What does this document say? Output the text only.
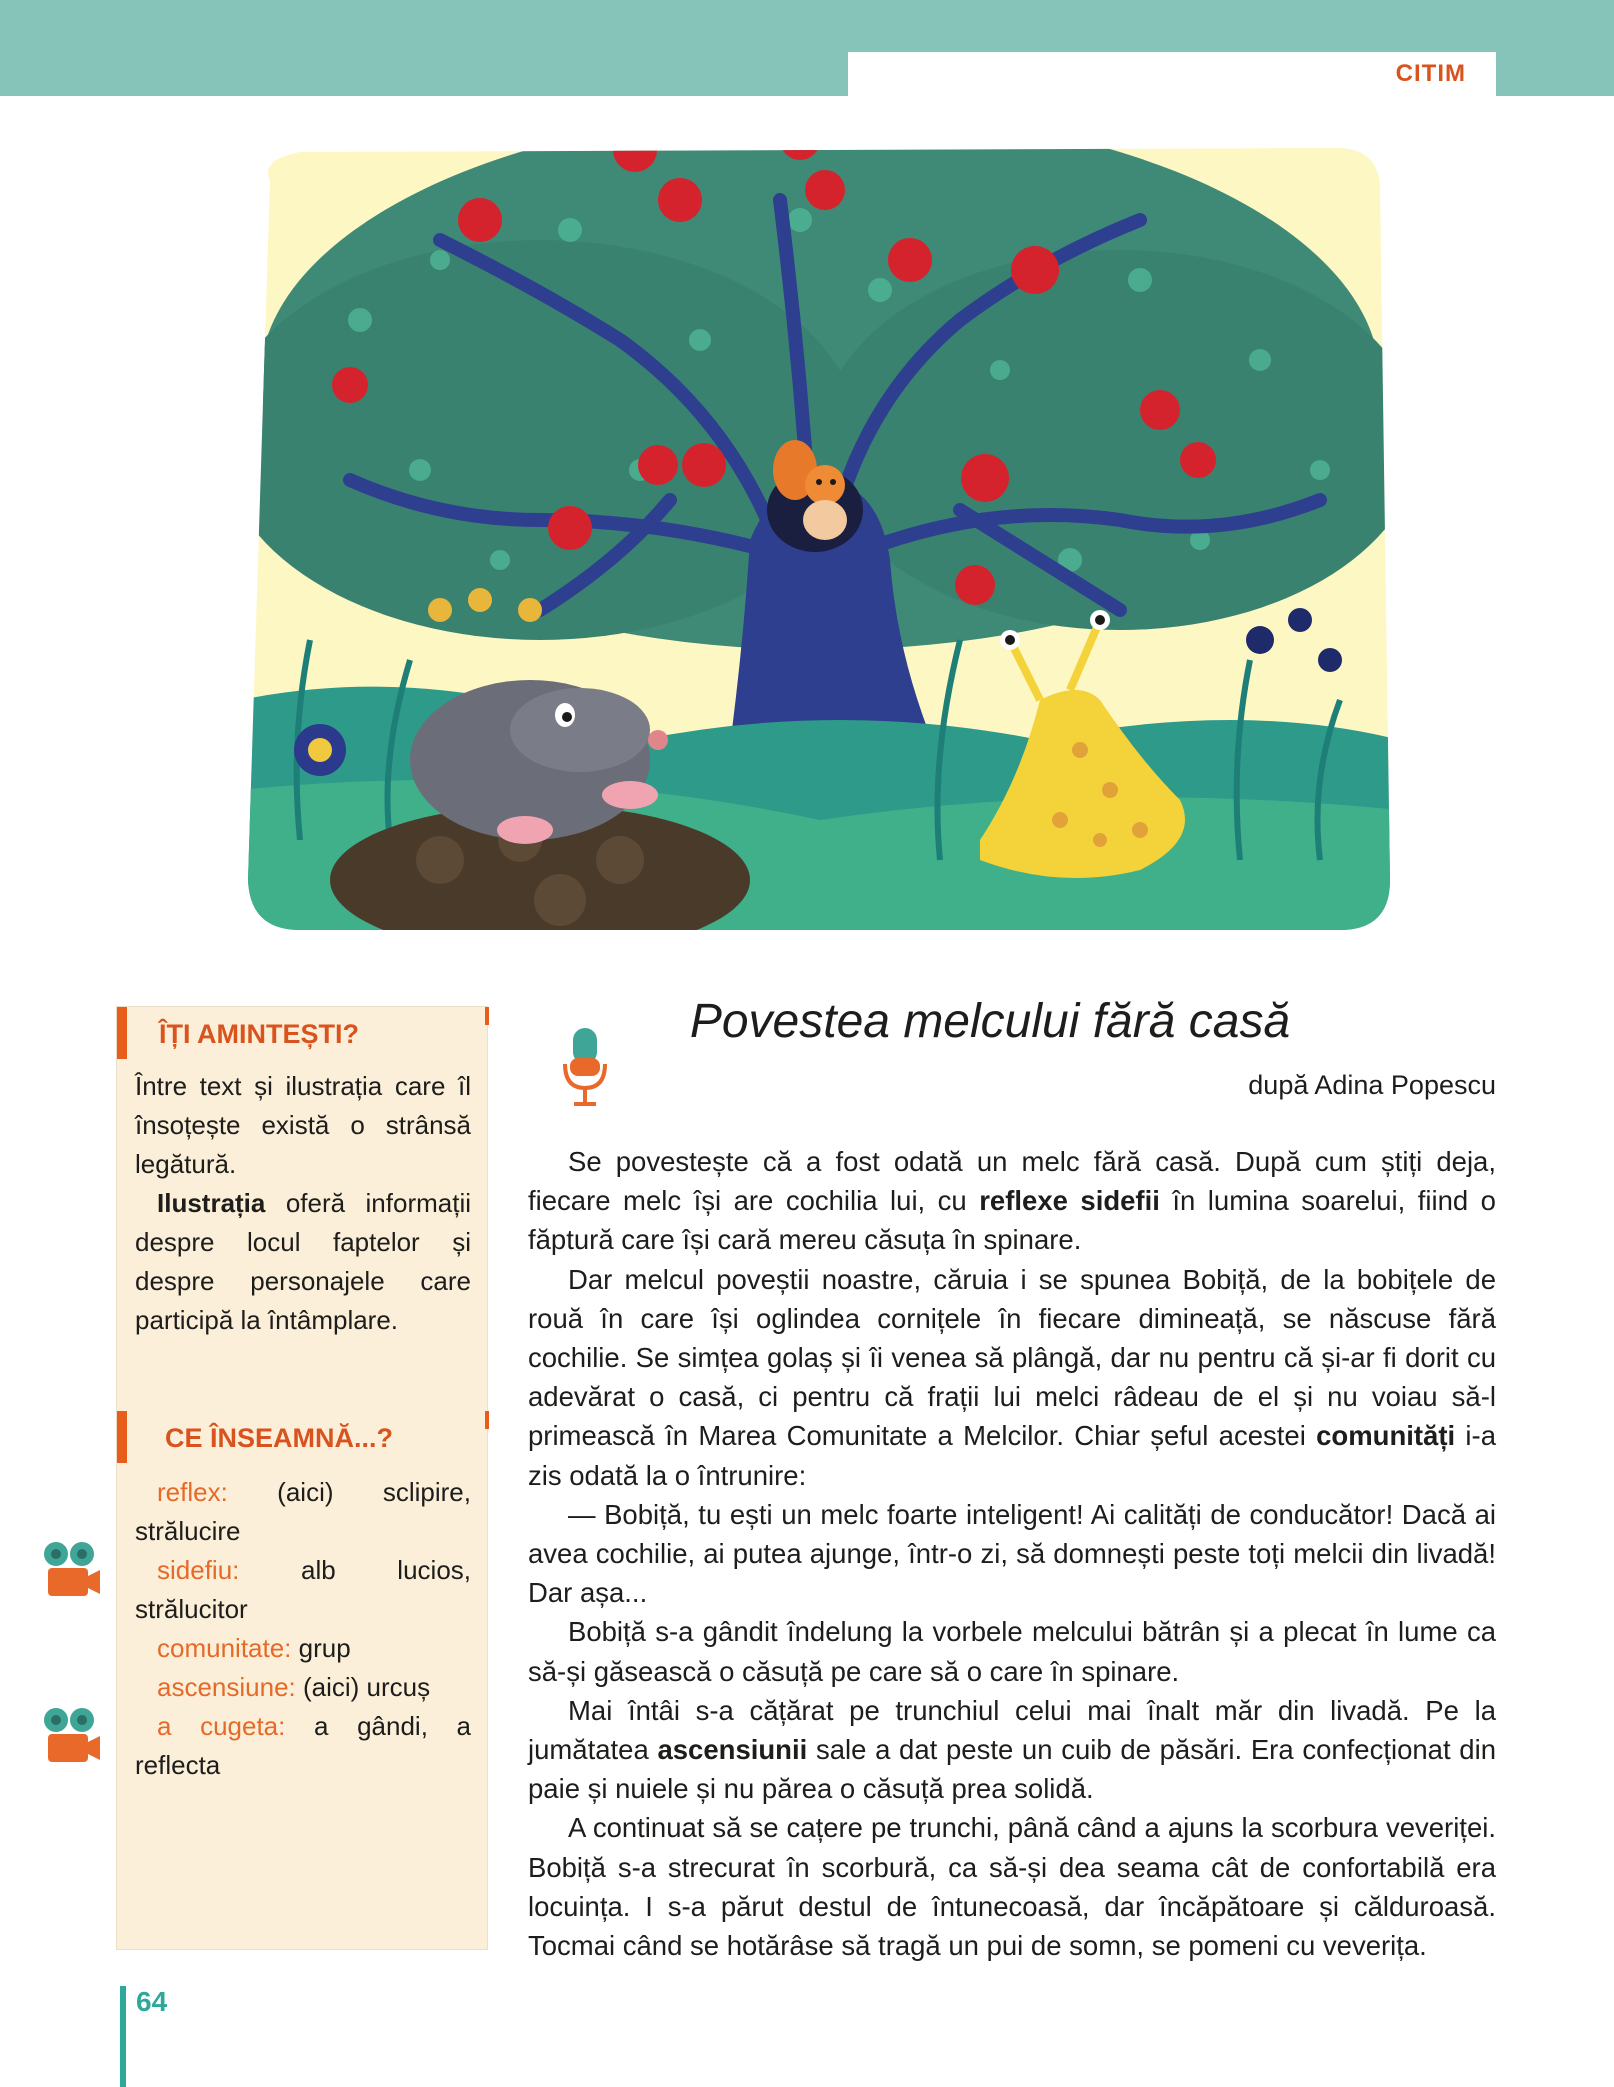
CITIM
ÎȚI AMINTEȘTI?

Între text și ilustrația care îl însoțește există o strânsă legătură.

Ilustrația oferă informații despre locul faptelor și despre personajele care participă la întâmplare.

CE ÎNSEAMNĂ...?

reflex: (aici) sclipire, strălucire

sidefiu: alb lucios, strălucitor

comunitate: grup

ascensiune: (aici) urcuș

a cugeta: a gândi, a reflecta

Povestea melcului fără casă
după Adina Popescu

Se povestește că a fost odată un melc fără casă. După cum știți deja, fiecare melc își are cochilia lui, cu reflexe sidefii în lumina soarelui, fiind o făptură care își cară mereu căsuța în spinare.

Dar melcul poveștii noastre, căruia i se spunea Bobiță, de la bobițele de rouă în care își oglindea cornițele în fiecare dimineață, se născuse fără cochilie. Se simțea golaș și îi venea să plângă, dar nu pentru că și-ar fi dorit cu adevărat o casă, ci pentru că frații lui melci râdeau de el și nu voiau să-l primească în Marea Comunitate a Melcilor. Chiar șeful acestei comunități i-a zis odată la o întrunire:

— Bobiță, tu ești un melc foarte inteligent! Ai calități de conducător! Dacă ai avea cochilie, ai putea ajunge, într-o zi, să domnești peste toți melcii din livadă! Dar așa...

Bobiță s-a gândit îndelung la vorbele melcului bătrân și a plecat în lume ca să-și găsească o căsuță pe care să o care în spinare.

Mai întâi s-a cățărat pe trunchiul celui mai înalt măr din livadă. Pe la jumătatea ascensiunii sale a dat peste un cuib de păsări. Era confecționat din paie și nuiele și nu părea o căsuță prea solidă.

A continuat să se cațere pe trunchi, până când a ajuns la scorbura veveriței. Bobiță s-a strecurat în scorbură, ca să-și dea seama cât de confortabilă era locuința. I s-a părut destul de întunecoasă, dar încăpătoare și călduroasă. Tocmai când se hotărâse să tragă un pui de somn, se pomeni cu veverița.

64
